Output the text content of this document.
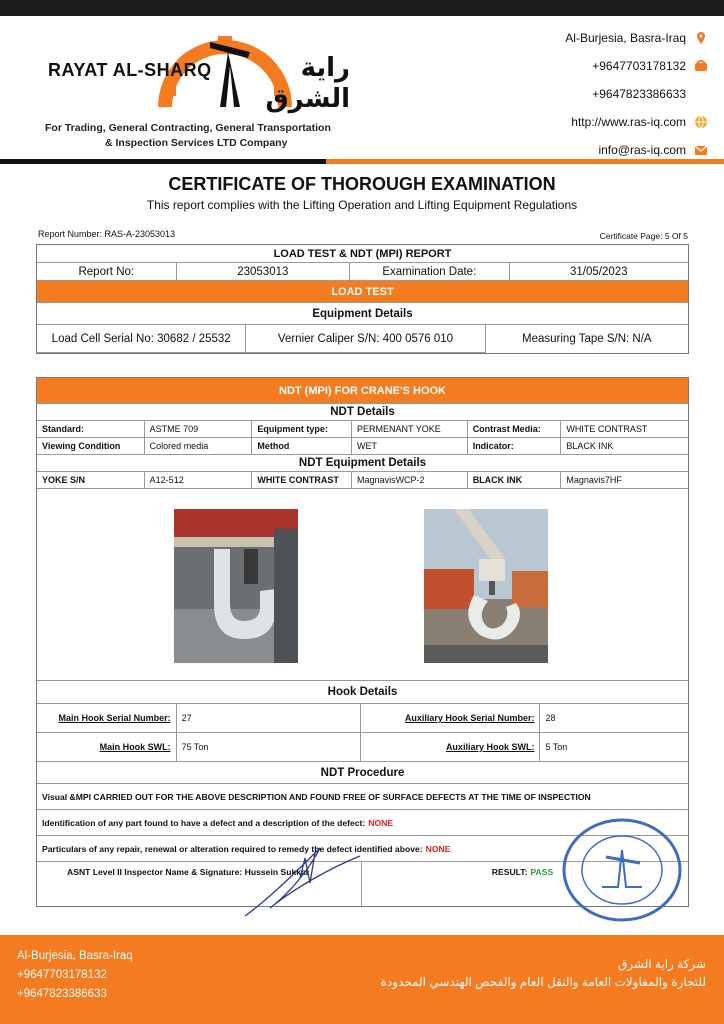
RAYAT AL-SHARQ	راية الشرق
For Trading, General Contracting, General Transportation
& Inspection Services LTD Company
Al-Burjesia, Basra-Iraq
+9647703178132
+9647823386633
http://www.ras-iq.com
info@ras-iq.com
CERTIFICATE OF THOROUGH EXAMINATION
This report complies with the Lifting Operation and Lifting Equipment Regulations
Report Number: RAS-A-23053013	Certificate Page: 5 Of 5
LOAD TEST & NDT (MPI) REPORT
Report No:	23053013	Examination Date:	31/05/2023
LOAD TEST
Equipment Details
Load Cell Serial No: 30682 / 25532	Vernier Caliper S/N: 400 0576 010	Measuring Tape S/N: N/A
NDT (MPI) FOR CRANE'S HOOK
NDT Details
Standard:	ASTME 709	Equipment type:	PERMENANT YOKE	Contrast Media:	WHITE CONTRAST
Viewing Condition	Colored media	Method	WET	Indicator:	BLACK INK
NDT Equipment Details
YOKE S/N	A12-512	WHITE CONTRAST	MagnavisWCP-2	BLACK INK	Magnavis7HF
Hook Details
Main Hook Serial Number:	27	Auxiliary Hook Serial Number:	28
Main Hook SWL:	75 Ton	Auxiliary Hook SWL:	5 Ton
NDT Procedure
Visual &MPI CARRIED OUT FOR THE ABOVE DESCRIPTION AND FOUND FREE OF SURFACE DEFECTS AT THE TIME OF INSPECTION
Identification of any part found to have a defect and a description of the defect: NONE
Particulars of any repair, renewal or alteration required to remedy the defect identified above: NONE
ASNT Level II Inspector Name & Signature: Hussein Sukkar	RESULT: PASS
Al-Burjesia, Basra-Iraq
+9647703178132
+9647823386633
شركة راية الشرق
للتجارة والمقاولات العامة والنقل العام والفحص الهندسي المحدودة
